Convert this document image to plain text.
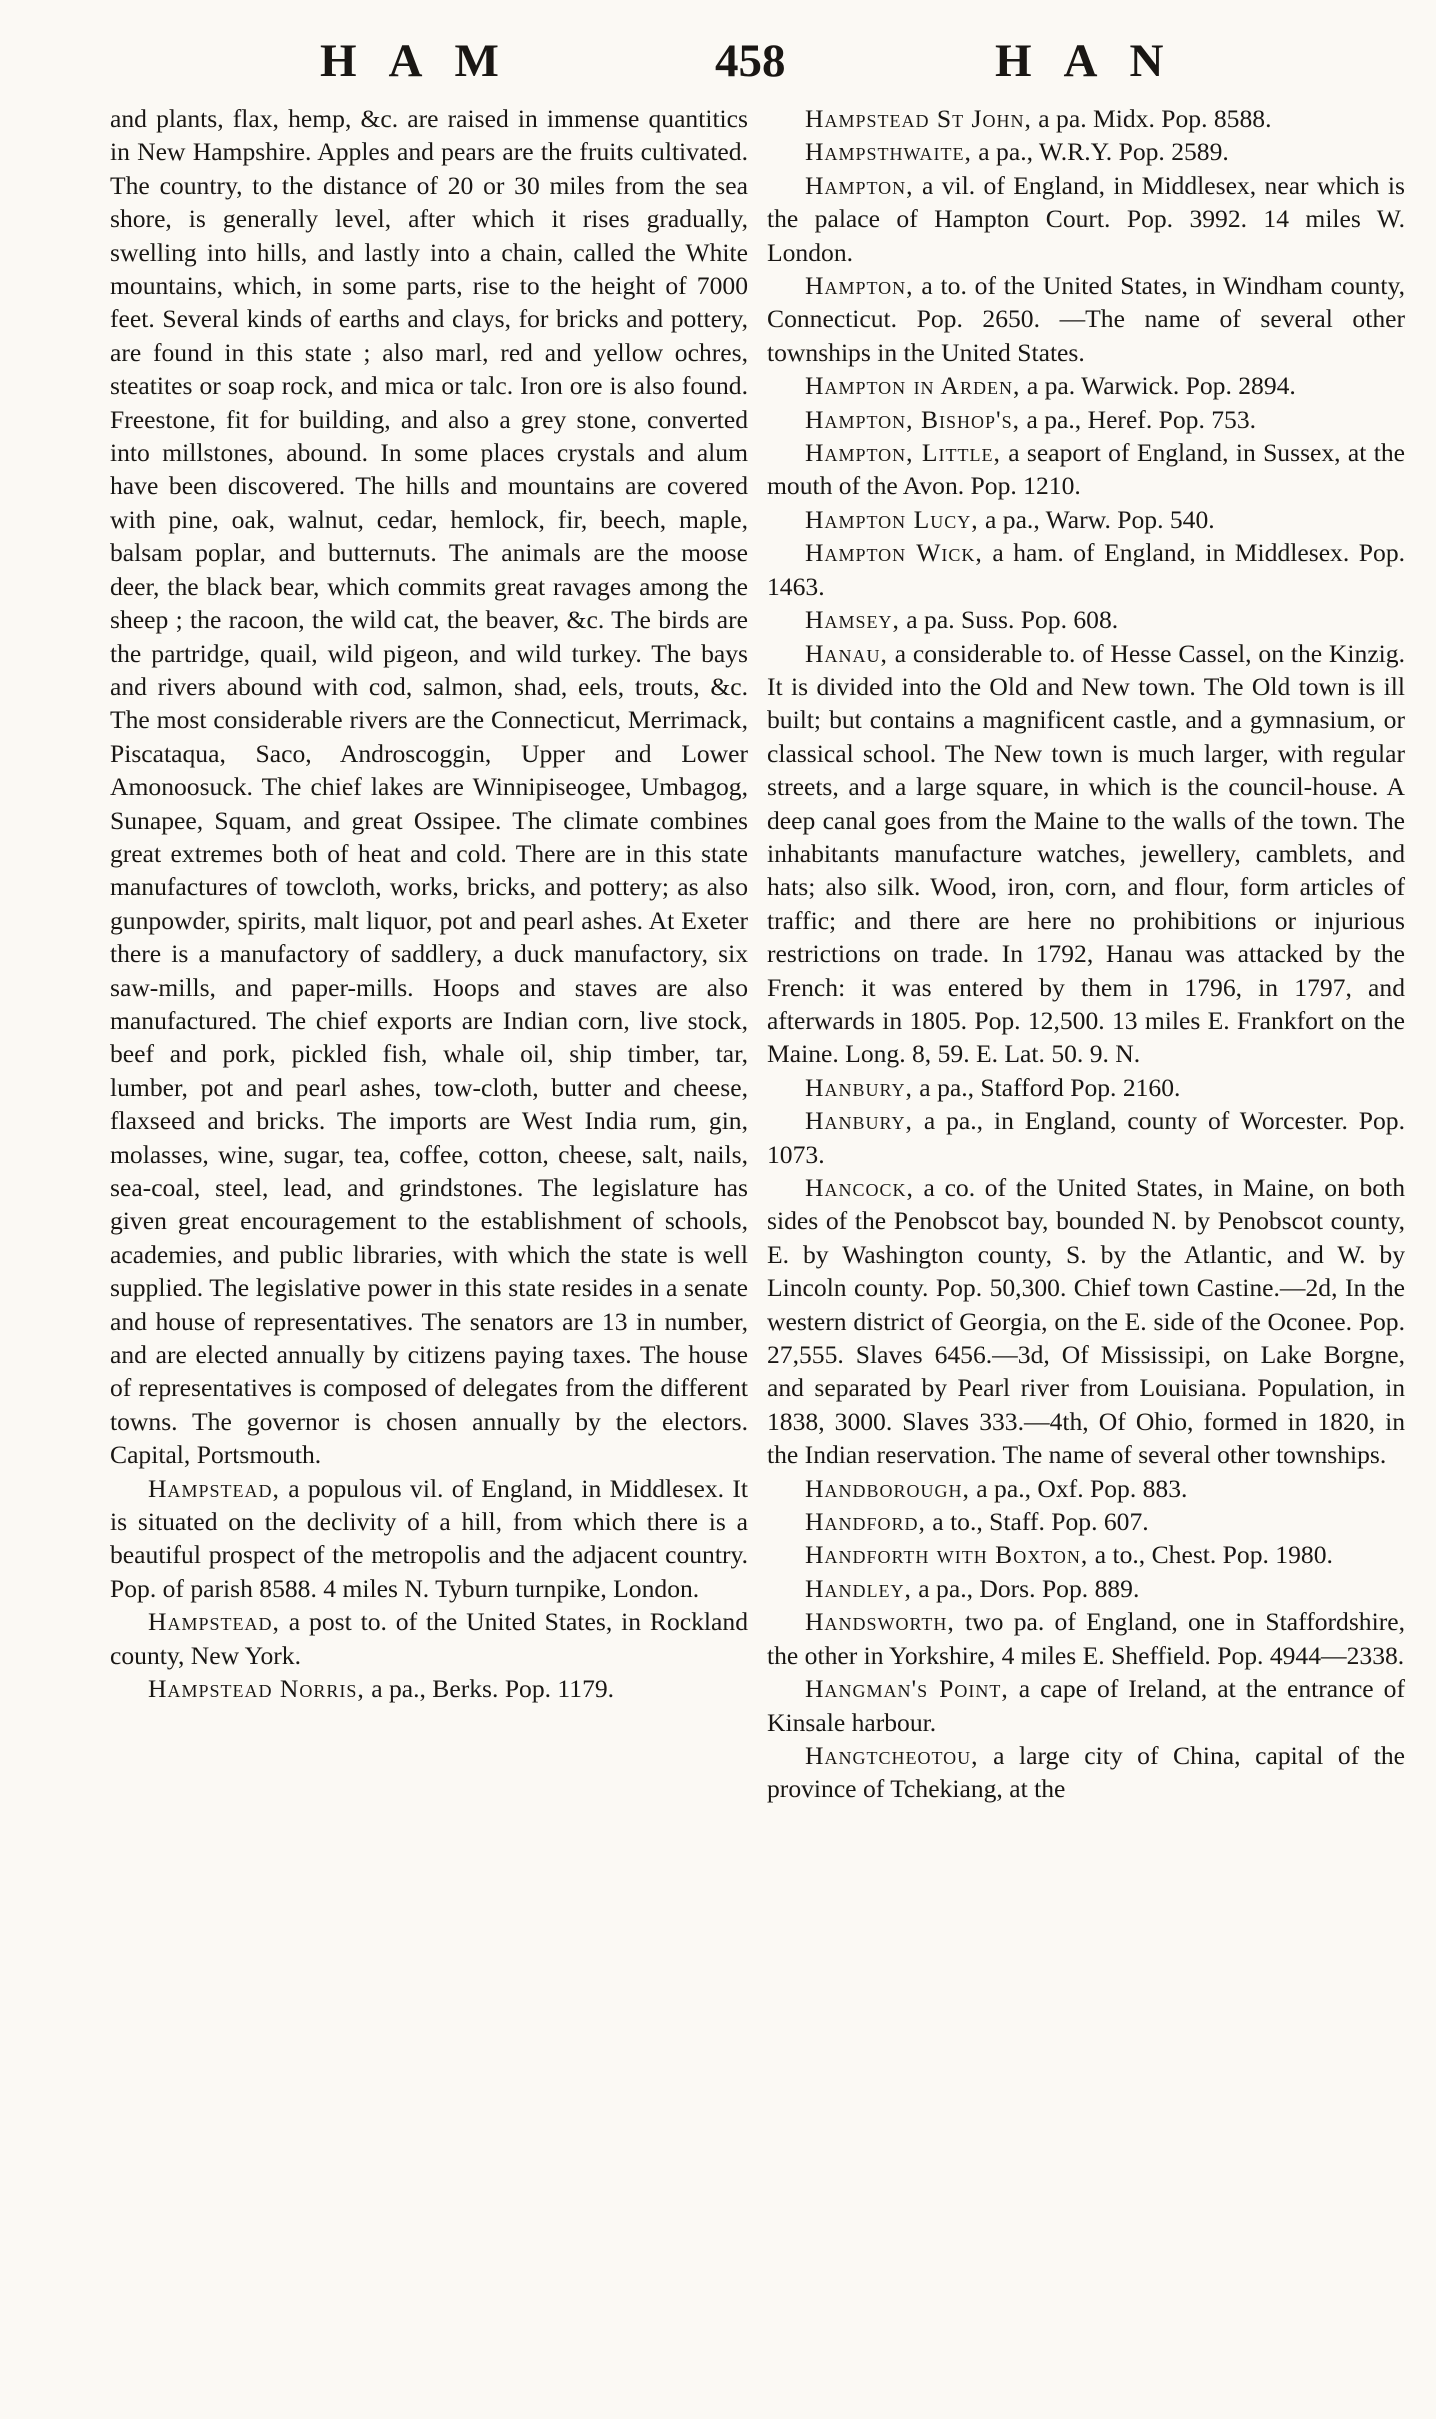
HAM	458	HAN

and plants, flax, hemp, &c. are raised in immense quantitics in New Hampshire. Apples and pears are the fruits cultivated. The country, to the distance of 20 or 30 miles from the sea shore, is generally level, after which it rises gradually, swelling into hills, and lastly into a chain, called the White mountains, which, in some parts, rise to the height of 7000 feet. Several kinds of earths and clays, for bricks and pottery, are found in this state ; also marl, red and yellow ochres, steatites or soap rock, and mica or talc. Iron ore is also found. Freestone, fit for building, and also a grey stone, converted into millstones, abound. In some places crystals and alum have been discovered. The hills and mountains are covered with pine, oak, walnut, cedar, hemlock, fir, beech, maple, balsam poplar, and butternuts. The animals are the moose deer, the black bear, which commits great ravages among the sheep ; the racoon, the wild cat, the beaver, &c. The birds are the partridge, quail, wild pigeon, and wild turkey. The bays and rivers abound with cod, salmon, shad, eels, trouts, &c. The most considerable rivers are the Connecticut, Merrimack, Piscataqua, Saco, Androscoggin, Upper and Lower Amonoosuck. The chief lakes are Winnipiseogee, Umbagog, Sunapee, Squam, and great Ossipee. The climate combines great extremes both of heat and cold. There are in this state manufactures of towcloth, works, bricks, and pottery; as also gunpowder, spirits, malt liquor, pot and pearl ashes. At Exeter there is a manufactory of saddlery, a duck manufactory, six saw-mills, and paper-mills. Hoops and staves are also manufactured. The chief exports are Indian corn, live stock, beef and pork, pickled fish, whale oil, ship timber, tar, lumber, pot and pearl ashes, tow-cloth, butter and cheese, flaxseed and bricks. The imports are West India rum, gin, molasses, wine, sugar, tea, coffee, cotton, cheese, salt, nails, sea-coal, steel, lead, and grindstones. The legislature has given great encouragement to the establishment of schools, academies, and public libraries, with which the state is well supplied. The legislative power in this state resides in a senate and house of representatives. The senators are 13 in number, and are elected annually by citizens paying taxes. The house of representatives is composed of delegates from the different towns. The governor is chosen annually by the electors. Capital, Portsmouth.

Hampstead, a populous vil. of England, in Middlesex. It is situated on the declivity of a hill, from which there is a beautiful prospect of the metropolis and the adjacent country. Pop. of parish 8588. 4 miles N. Tyburn turnpike, London.

Hampstead, a post to. of the United States, in Rockland county, New York.

Hampstead Norris, a pa., Berks. Pop. 1179.

Hampstead St John, a pa. Midx. Pop. 8588.

Hampsthwaite, a pa., W.R.Y. Pop. 2589.

Hampton, a vil. of England, in Middlesex, near which is the palace of Hampton Court. Pop. 3992. 14 miles W. London.

Hampton, a to. of the United States, in Windham county, Connecticut. Pop. 2650. —The name of several other townships in the United States.

Hampton in Arden, a pa. Warwick. Pop. 2894.

Hampton, Bishop's, a pa., Heref. Pop. 753.

Hampton, Little, a seaport of England, in Sussex, at the mouth of the Avon. Pop. 1210.

Hampton Lucy, a pa., Warw. Pop. 540.

Hampton Wick, a ham. of England, in Middlesex. Pop. 1463.

Hamsey, a pa. Suss. Pop. 608.

Hanau, a considerable to. of Hesse Cassel, on the Kinzig. It is divided into the Old and New town. The Old town is ill built; but contains a magnificent castle, and a gymnasium, or classical school. The New town is much larger, with regular streets, and a large square, in which is the council-house. A deep canal goes from the Maine to the walls of the town. The inhabitants manufacture watches, jewellery, camblets, and hats; also silk. Wood, iron, corn, and flour, form articles of traffic; and there are here no prohibitions or injurious restrictions on trade. In 1792, Hanau was attacked by the French: it was entered by them in 1796, in 1797, and afterwards in 1805. Pop. 12,500. 13 miles E. Frankfort on the Maine. Long. 8, 59. E. Lat. 50. 9. N.

Hanbury, a pa., Stafford Pop. 2160.

Hanbury, a pa., in England, county of Worcester. Pop. 1073.

Hancock, a co. of the United States, in Maine, on both sides of the Penobscot bay, bounded N. by Penobscot county, E. by Washington county, S. by the Atlantic, and W. by Lincoln county. Pop. 50,300. Chief town Castine.—2d, In the western district of Georgia, on the E. side of the Oconee. Pop. 27,555. Slaves 6456.—3d, Of Mississipi, on Lake Borgne, and separated by Pearl river from Louisiana. Population, in 1838, 3000. Slaves 333.—4th, Of Ohio, formed in 1820, in the Indian reservation. The name of several other townships.

Handborough, a pa., Oxf. Pop. 883.

Handford, a to., Staff. Pop. 607.

Handforth with Boxton, a to., Chest. Pop. 1980.

Handley, a pa., Dors. Pop. 889.

Handsworth, two pa. of England, one in Staffordshire, the other in Yorkshire, 4 miles E. Sheffield. Pop. 4944—2338.

Hangman's Point, a cape of Ireland, at the entrance of Kinsale harbour.

Hangtcheotou, a large city of China, capital of the province of Tchekiang, at the
